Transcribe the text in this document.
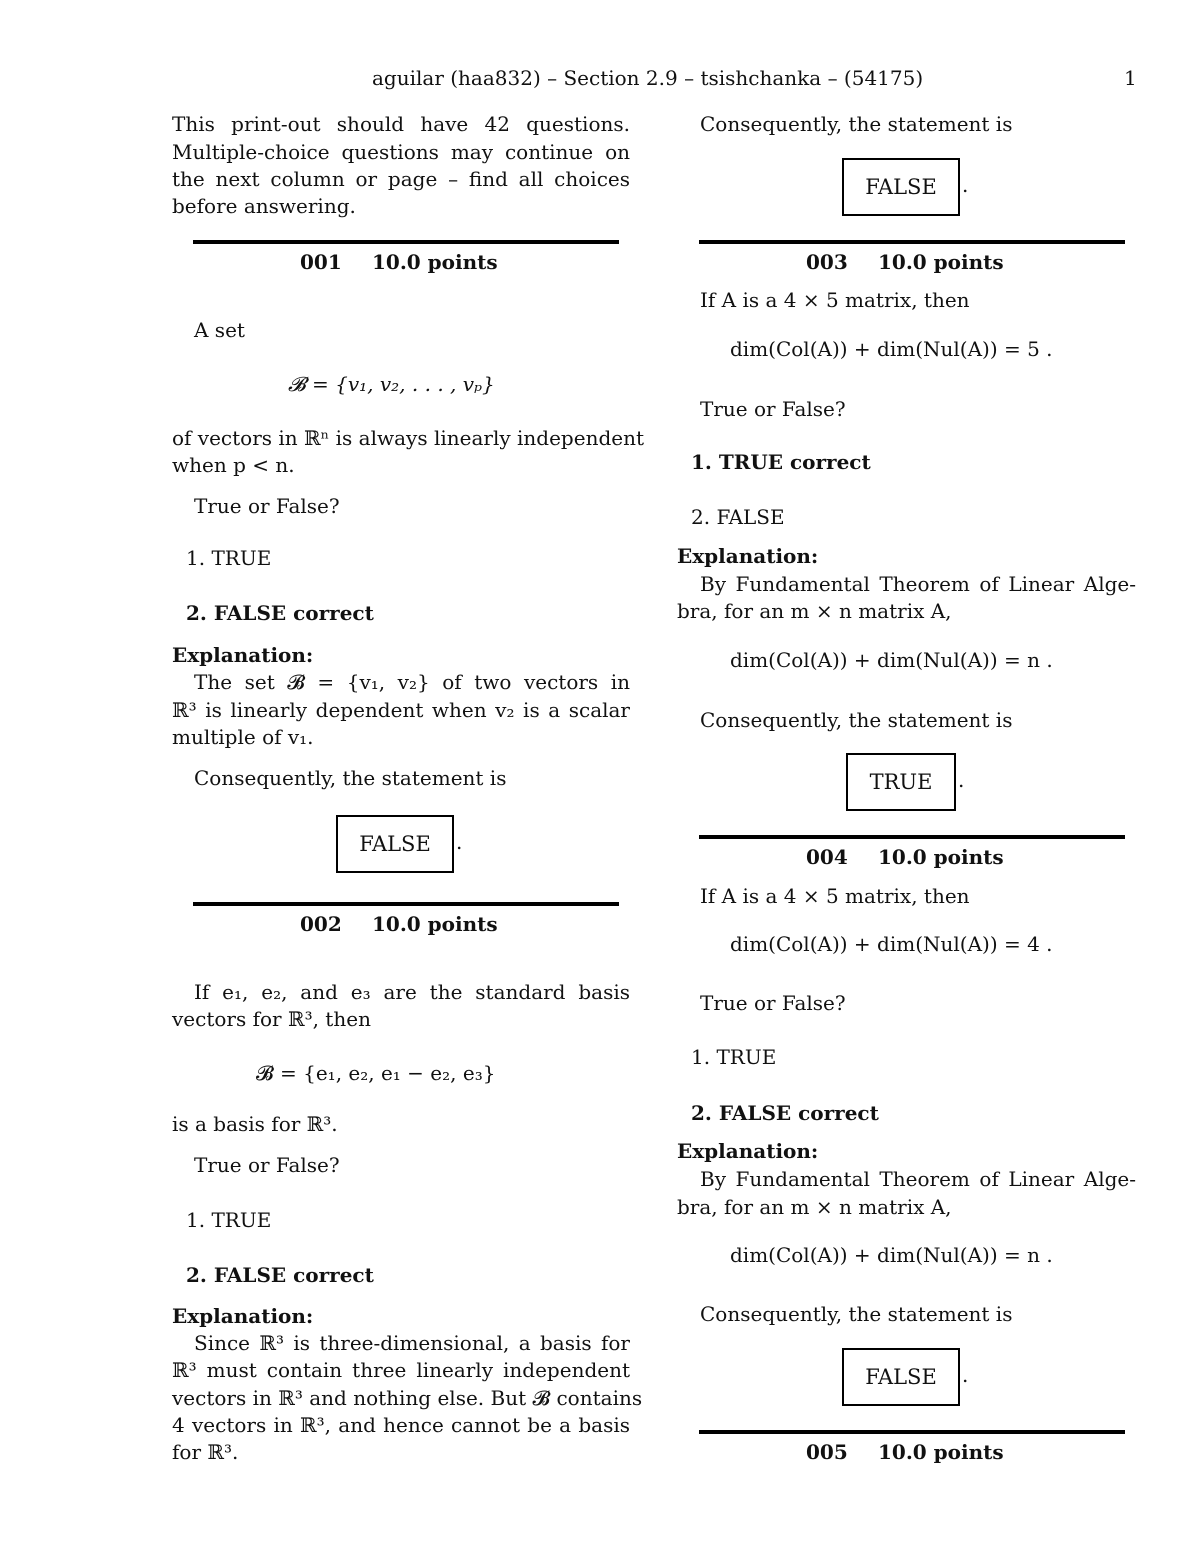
aguilar (haa832) – Section 2.9 – tsishchanka – (54175)	1
This print-out should have 42 questions.
Multiple-choice questions may continue on
the next column or page – find all choices
before answering.
001 10.0 points
A set
𝓑 = {v₁, v₂, . . . , vₚ}
of vectors in ℝⁿ is always linearly independent
when p < n.
True or False?
1. TRUE
2. FALSE correct
Explanation:
The set 𝓑 = {v₁, v₂} of two vectors in
ℝ³ is linearly dependent when v₂ is a scalar
multiple of v₁.
Consequently, the statement is
FALSE	.
002 10.0 points
If e₁, e₂, and e₃ are the standard basis
vectors for ℝ³, then
𝓑 = {e₁, e₂, e₁ − e₂, e₃}
is a basis for ℝ³.
True or False?
1. TRUE
2. FALSE correct
Explanation:
Since ℝ³ is three-dimensional, a basis for
ℝ³ must contain three linearly independent
vectors in ℝ³ and nothing else. But 𝓑 contains
4 vectors in ℝ³, and hence cannot be a basis
for ℝ³.
Consequently, the statement is
FALSE	.
003 10.0 points
If A is a 4 × 5 matrix, then
dim(Col(A)) + dim(Nul(A)) = 5 .
True or False?
1. TRUE correct
2. FALSE
Explanation:
By Fundamental Theorem of Linear Alge-
bra, for an m × n matrix A,
dim(Col(A)) + dim(Nul(A)) = n .
Consequently, the statement is
TRUE	.
004 10.0 points
If A is a 4 × 5 matrix, then
dim(Col(A)) + dim(Nul(A)) = 4 .
True or False?
1. TRUE
2. FALSE correct
Explanation:
By Fundamental Theorem of Linear Alge-
bra, for an m × n matrix A,
dim(Col(A)) + dim(Nul(A)) = n .
Consequently, the statement is
FALSE	.
005 10.0 points
